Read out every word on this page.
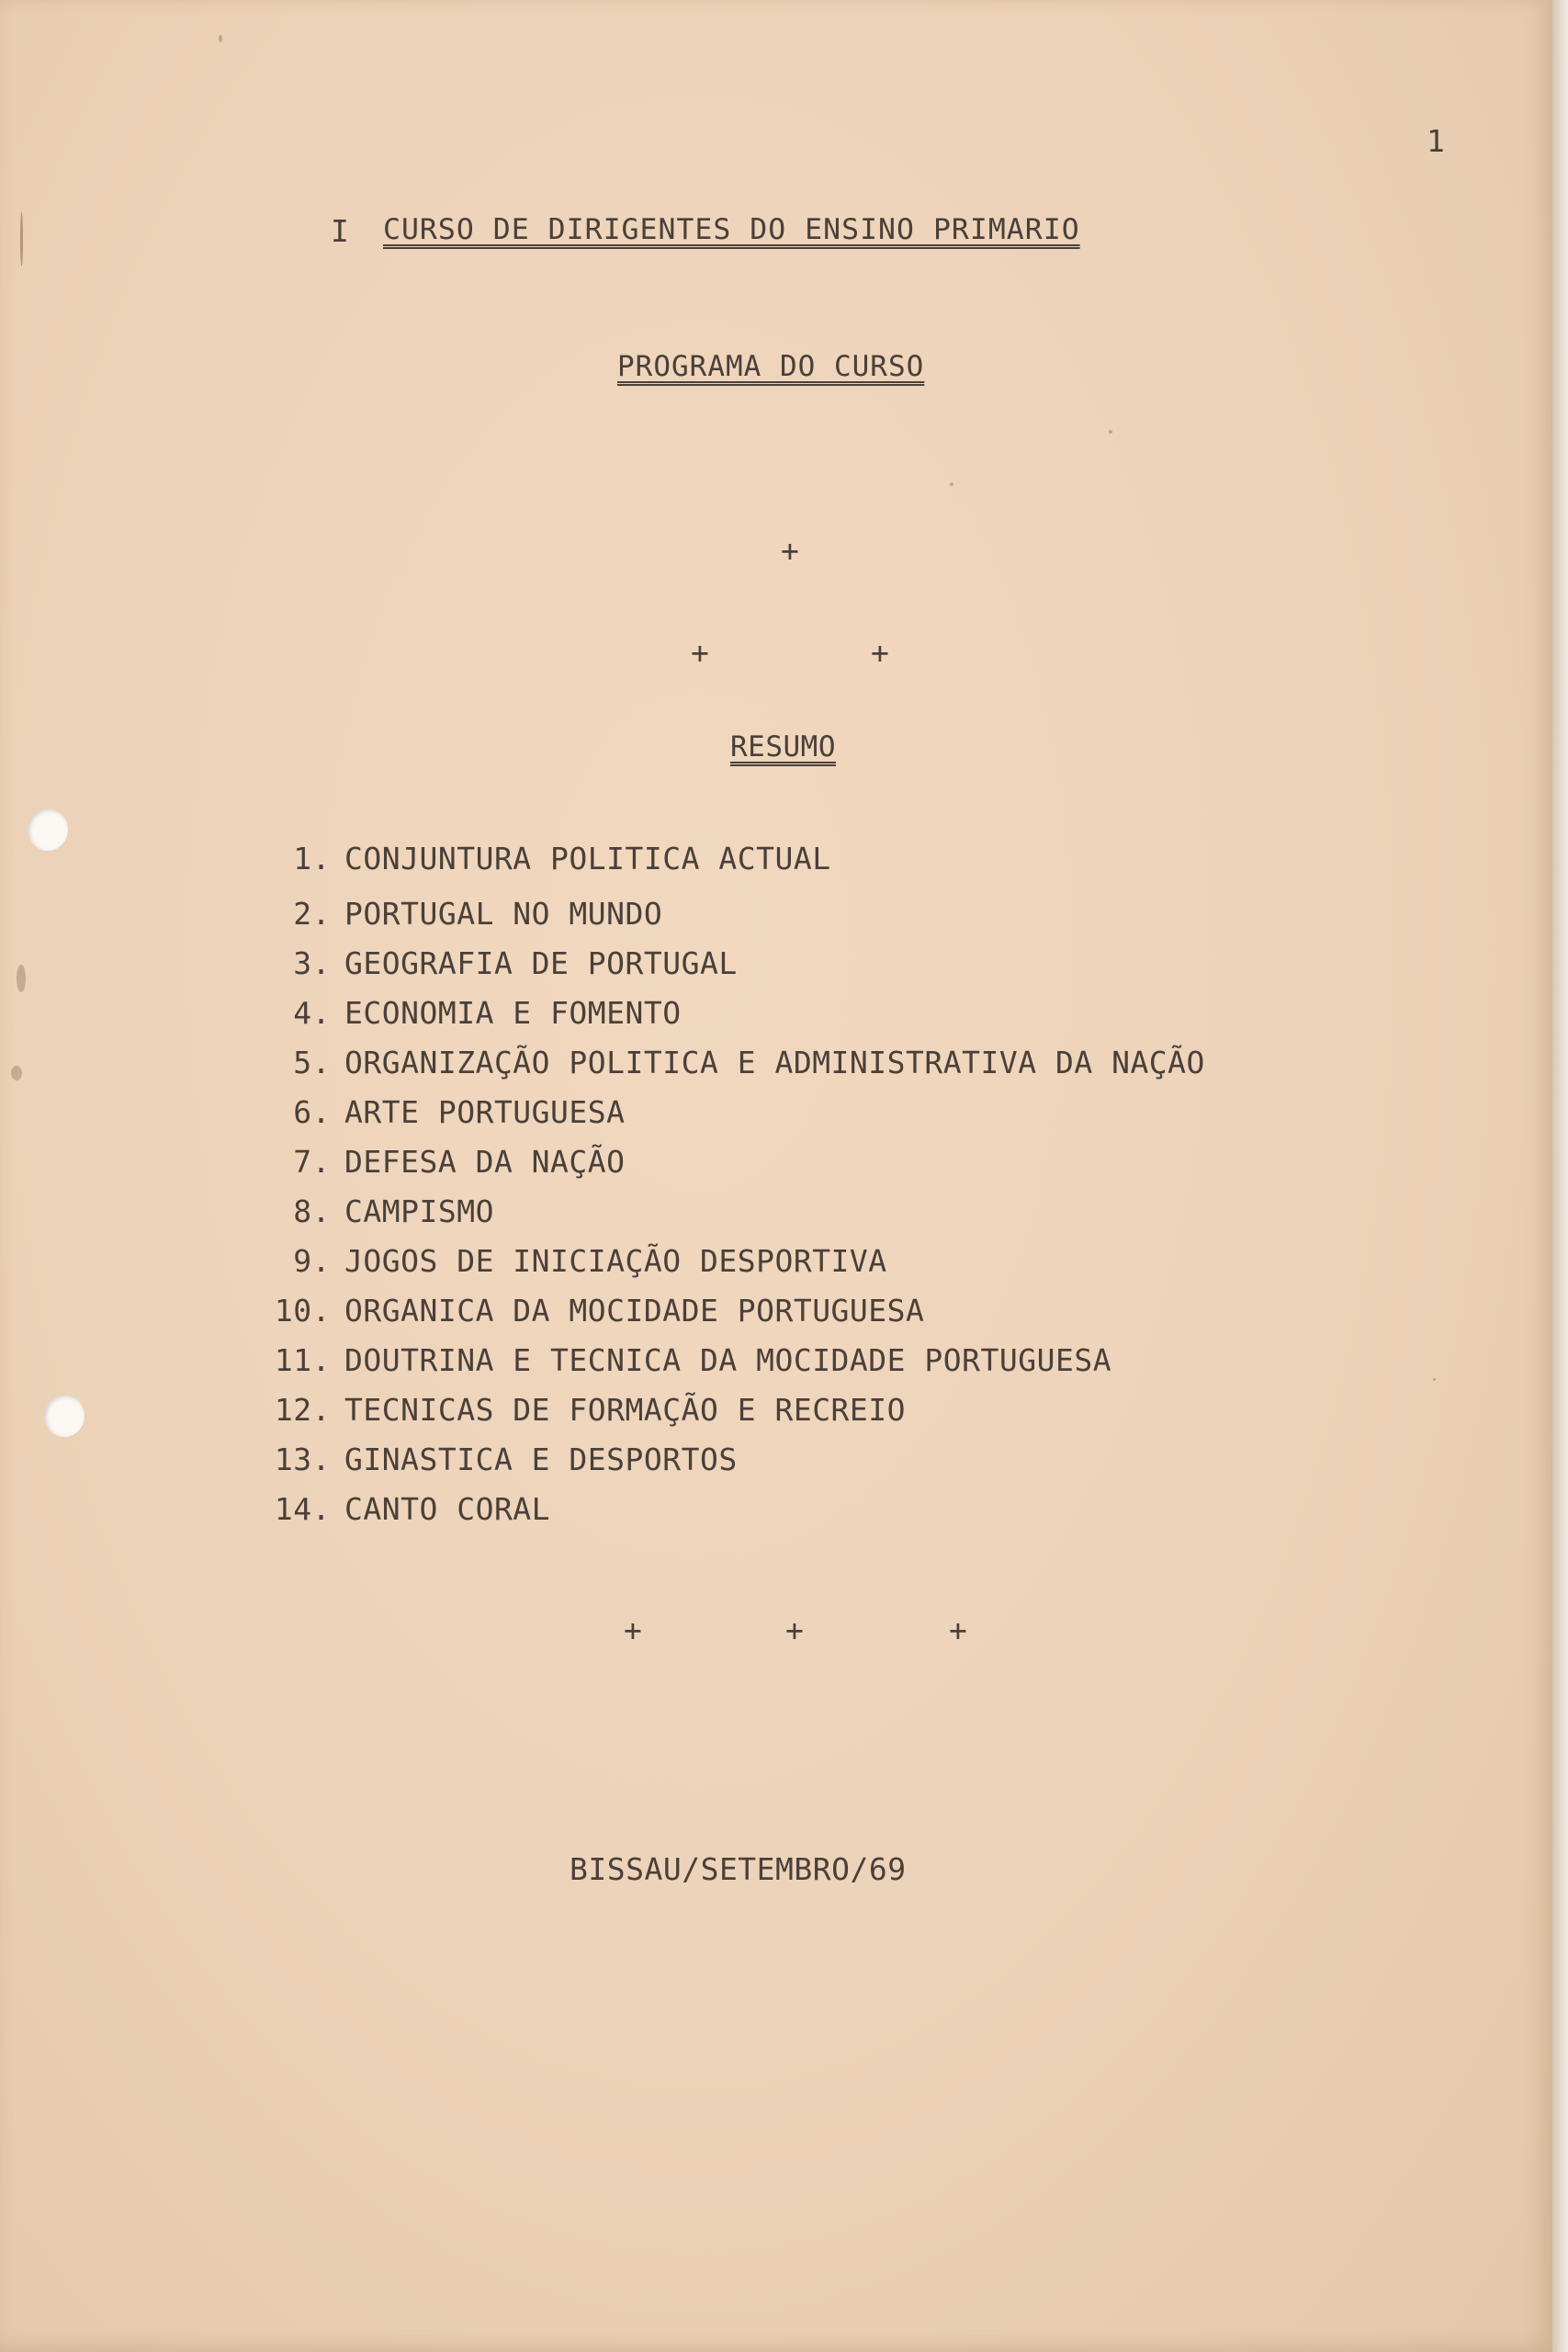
1
I CURSO DE DIRIGENTES DO ENSINO PRIMARIO
PROGRAMA DO CURSO
+
+	+
RESUMO
1. CONJUNTURA POLITICA ACTUAL
2. PORTUGAL NO MUNDO
3. GEOGRAFIA DE PORTUGAL
4. ECONOMIA E FOMENTO
5. ORGANIZAÇÃO POLITICA E ADMINISTRATIVA DA NAÇÃO
6. ARTE PORTUGUESA
7. DEFESA DA NAÇÃO
8. CAMPISMO
9. JOGOS DE INICIAÇÃO DESPORTIVA
10. ORGANICA DA MOCIDADE PORTUGUESA
11. DOUTRINA E TECNICA DA MOCIDADE PORTUGUESA
12. TECNICAS DE FORMAÇÃO E RECREIO
13. GINASTICA E DESPORTOS
14. CANTO CORAL
+	+	+
BISSAU/SETEMBRO/69
